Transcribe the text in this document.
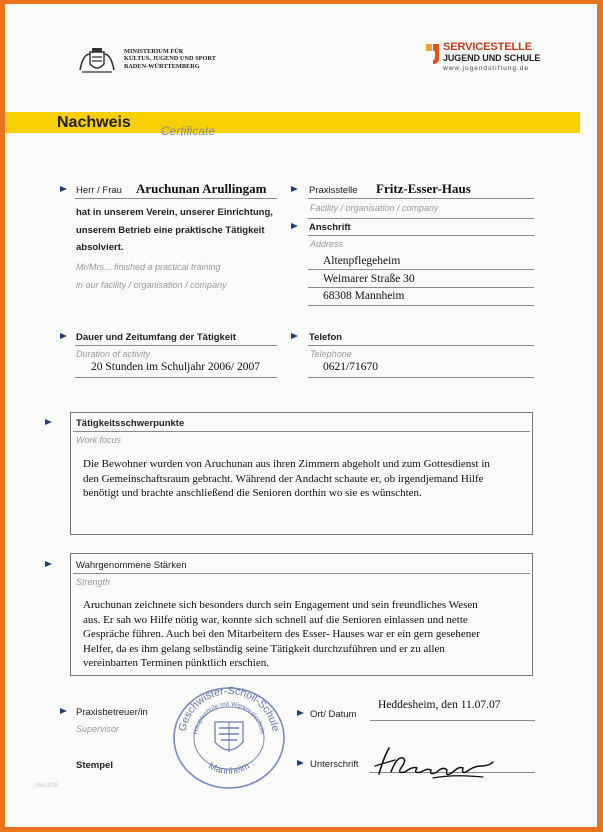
MINISTERIUM FÜR
KULTUS, JUGEND UND SPORT
BADEN-WÜRTTEMBERG
SERVICESTELLE
JUGEND UND SCHULE
www.jugendstiftung.de
Nachweis	Certificate
Herr / Frau Aruchunan Arullingam
hat in unserem Verein, unserer Einrichtung,
unserem Betrieb eine praktische Tätigkeit
absolviert.
Mr/Mrs... finished a practical training
in our facility / organisation / company
Praxisstelle Fritz-Esser-Haus
Facility / organisation / company
Anschrift
Address
Altenpflegeheim
Weimarer Straße 30
68308 Mannheim
Dauer und Zeitumfang der Tätigkeit
Duration of activity
20 Stunden im Schuljahr 2006/ 2007
Telefon
Telephone
0621/71670
Tätigkeitsschwerpunkte
Work focus
Die Bewohner wurden von Aruchunan aus ihren Zimmern abgeholt und zum Gottesdienst in
den Gemeinschaftsraum gebracht. Während der Andacht schaute er, ob irgendjemand Hilfe
benötigt und brachte anschließend die Senioren dorthin wo sie es wünschten.
Wahrgenommene Stärken
Strength
Aruchunan zeichnete sich besonders durch sein Engagement und sein freundliches Wesen
aus. Er sah wo Hilfe nötig war, konnte sich schnell auf die Senioren einlassen und nette
Gespräche führen. Auch bei den Mitarbeitern des Esser- Hauses war er ein gern gesehener
Helfer, da es ihm gelang selbständig seine Tätigkeit durchzuführen und er zu allen
vereinbarten Terminen pünktlich erschien.
Praxisbetreuer/in
Supervisor
Stempel
Geschwister-Scholl-Schule
Hauptschule mit Werkrealschule
Mannheim
Ort/ Datum
Heddesheim, den 11.07.07
Unterschrift
05/2005
